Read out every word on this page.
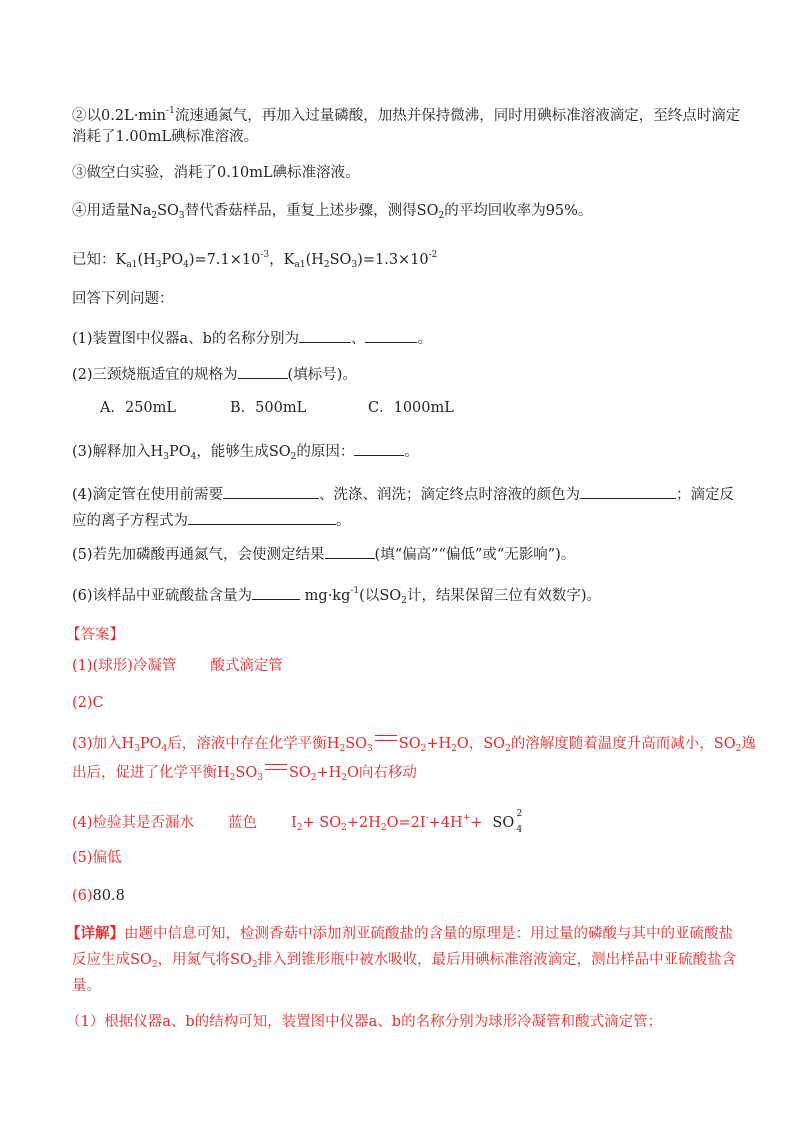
②以$0.2L\cdot\min^{-1}$流速通氮气，再加入过量磷酸，加热并保持微沸，同时用碘标准溶液滴定，至终点时滴定
消耗了1.00mL碘标准溶液。
③做空白实验，消耗了0.10mL碘标准溶液。
④用适量$Na_2SO_3$替代香菇样品，重复上述步骤，测得$SO_2$的平均回收率为95%。
已知：$K_{a1}(H_3PO_4)=7.1\times 10^{-3}$，$K_{a1}(H_2SO_3)=1.3\times 10^{-2}$
回答下列问题：
(1)装置图中仪器a、b的名称分别为	、	。
(2)三颈烧瓶适宜的规格为	(填标号)。
A．250mL	B．500mL	C．1000mL
(3)解释加入$H_3PO_4$，能够生成$SO_2$的原因：	。
(4)滴定管在使用前需要	、洗涤、润洗；滴定终点时溶液的颜色为	；滴定反
应的离子方程式为	。
(5)若先加磷酸再通氮气，会使测定结果	(填“偏高”“偏低”或“无影响”)。
(6)该样品中亚硫酸盐含量为	$mg\cdot kg^{-1}$(以$SO_2$计，结果保留三位有效数字)。
【答案】
(1)(球形)冷凝管 酸式滴定管
(2)C
(3)加入$H_3PO_4$后，溶液中存在化学平衡$H_2SO_3$ $SO_2+H_2O$，$SO_2$的溶解度随着温度升高而减小，$SO_2$逸
出后，促进了化学平衡$H_2SO_3$ $SO_2+H_2O$向右移动
(4)检验其是否漏水 蓝色 $I_2+ SO_2+2H_2O=2I^-+4H^++$ SO
2
4
(5)偏低
(6)80.8
【详解】由题中信息可知，检测香菇中添加剂亚硫酸盐的含量的原理是：用过量的磷酸与其中的亚硫酸盐
反应生成$SO_2$，用氮气将$SO_2$排入到锥形瓶中被水吸收，最后用碘标准溶液滴定，测出样品中亚硫酸盐含
量。
（1）根据仪器a、b的结构可知，装置图中仪器a、b的名称分别为球形冷凝管和酸式滴定管；
